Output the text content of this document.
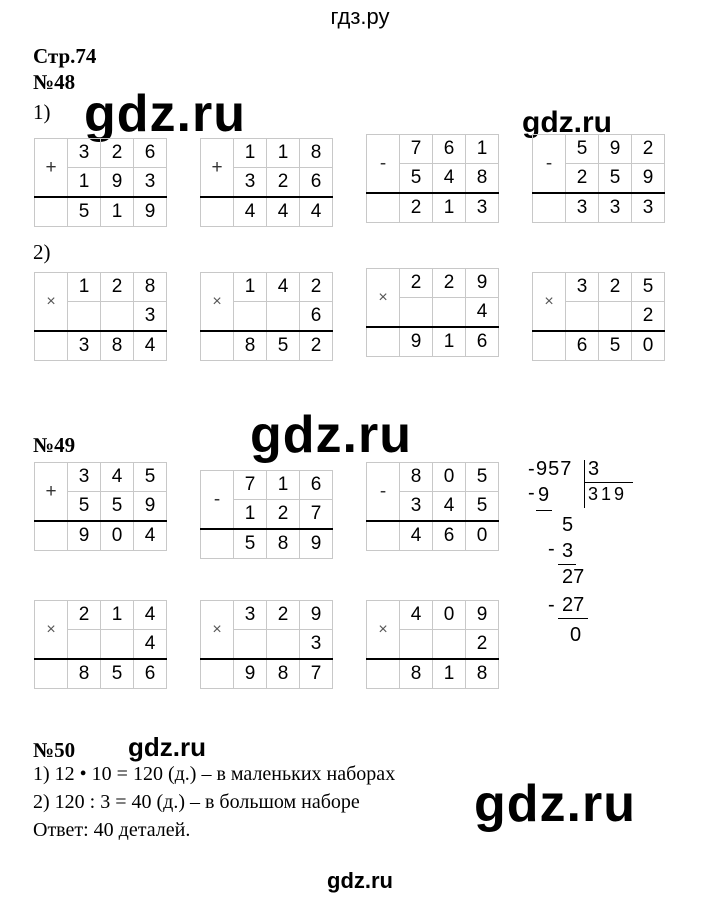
гдз.ру
Стр.74
№48
1)
2)
gdz.ru	gdz.ru
+	3	2	6
	1	9	3
	5	1	9
+	1	1	8
	3	2	6
	4	4	4
-	7	6	1
	5	4	8
	2	1	3
-	5	9	2
	2	5	9
	3	3	3
×	1	2	8
			3
	3	8	4
×	1	4	2
			6
	8	5	2
×	2	2	9
			4
	9	1	6
×	3	2	5
			2
	6	5	0
№49	gdz.ru
+	3	4	5
	5	5	9
	9	0	4
-	7	1	6
	1	2	7
	5	8	9
-	8	0	5
	3	4	5
	4	6	0
×	2	1	4
			4
	8	5	6
×	3	2	9
			3
	9	8	7
×	4	0	9
			2
	8	1	8
- 957 3
319
- 9
5
- 3
27
- 27
0
№50 gdz.ru
1) 12 • 10 = 120 (д.) – в маленьких наборах
2) 120 : 3 = 40 (д.) – в большом наборе
Ответ: 40 деталей.	gdz.ru
gdz.ru
